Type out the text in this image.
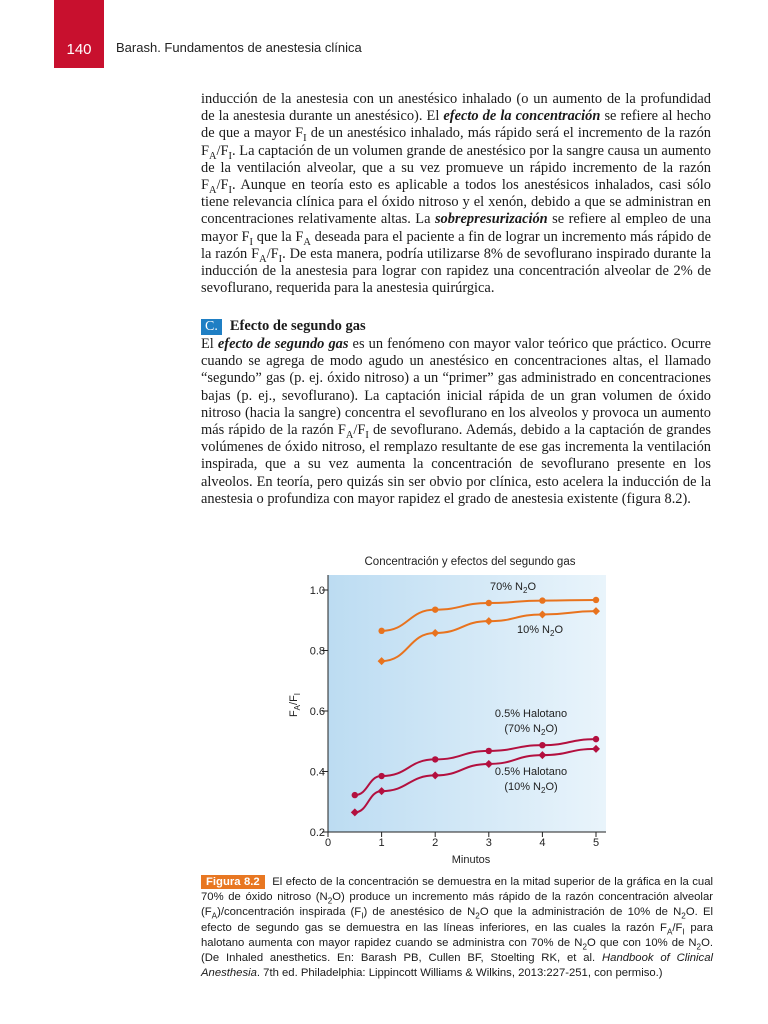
140 Barash. Fundamentos de anestesia clínica

inducción de la anestesia con un anestésico inhalado (o un aumento de la profundidad de la anestesia durante un anestésico). El efecto de la concentración se refiere al hecho de que a mayor $F_I$ de un anestésico inhalado, más rápido será el incremento de la razón $F_A/F_I$. La captación de un volumen grande de anestésico por la sangre causa un aumento de la ventilación alveolar, que a su vez promueve un rápido incremento de la razón $F_A/F_I$. Aunque en teoría esto es aplicable a todos los anestésicos inhalados, casi sólo tiene relevancia clínica para el óxido nitroso y el xenón, debido a que se administran en concentraciones relativamente altas. La sobrepresurización se refiere al empleo de una mayor $F_I$ que la $F_A$ deseada para el paciente a fin de lograr un incremento más rápido de la razón $F_A/F_I$. De esta manera, podría utilizarse 8% de sevoflurano inspirado durante la inducción de la anestesia para lograr con rapidez una concentración alveolar de 2% de sevoflurano, requerida para la anestesia quirúrgica.

C. Efecto de segundo gas

El efecto de segundo gas es un fenómeno con mayor valor teórico que práctico. Ocurre cuando se agrega de modo agudo un anestésico en concentraciones altas, el llamado “segundo” gas (p. ej. óxido nitroso) a un “primer” gas administrado en concentraciones bajas (p. ej., sevoflurano). La captación inicial rápida de un gran volumen de óxido nitroso (hacia la sangre) concentra el sevoflurano en los alveolos y provoca un aumento más rápido de la razón $F_A/F_I$ de sevoflurano. Además, debido a la captación de grandes volúmenes de óxido nitroso, el remplazo resultante de ese gas incrementa la ventilación inspirada, que a su vez aumenta la concentración de sevoflurano presente en los alveolos. En teoría, pero quizás sin ser obvio por clínica, esto acelera la inducción de la anestesia o profundiza con mayor rapidez el grado de anestesia existente (figura 8.2).

Concentración y efectos del segundo gas
0.2
0.4
0.6
0.8
1.0
0	1	2	3	4	5
70% $N_2O$
10% $N_2O$
0.5% Halotano
(70% $N_2O$)
0.5% Halotano
(10% $N_2O$)
$F_A/F_I$
Minutos

Figura 8.2 El efecto de la concentración se demuestra en la mitad superior de la gráfica en la cual 70% de óxido nitroso $(N_2O)$ produce un incremento más rápido de la razón concentración alveolar $(F_A)$/concentración inspirada $(F_I)$ de anestésico de $N_2O$ que la administración de 10% de $N_2O$. El efecto de segundo gas se demuestra en las líneas inferiores, en las cuales la razón $F_A/F_I$ para halotano aumenta con mayor rapidez cuando se administra con 70% de $N_2O$ que con 10% de $N_2O$. (De Inhaled anesthetics. En: Barash PB, Cullen BF, Stoelting RK, et al. Handbook of Clinical Anesthesia. 7th ed. Philadelphia: Lippincott Williams & Wilkins, 2013:227-251, con permiso.)
